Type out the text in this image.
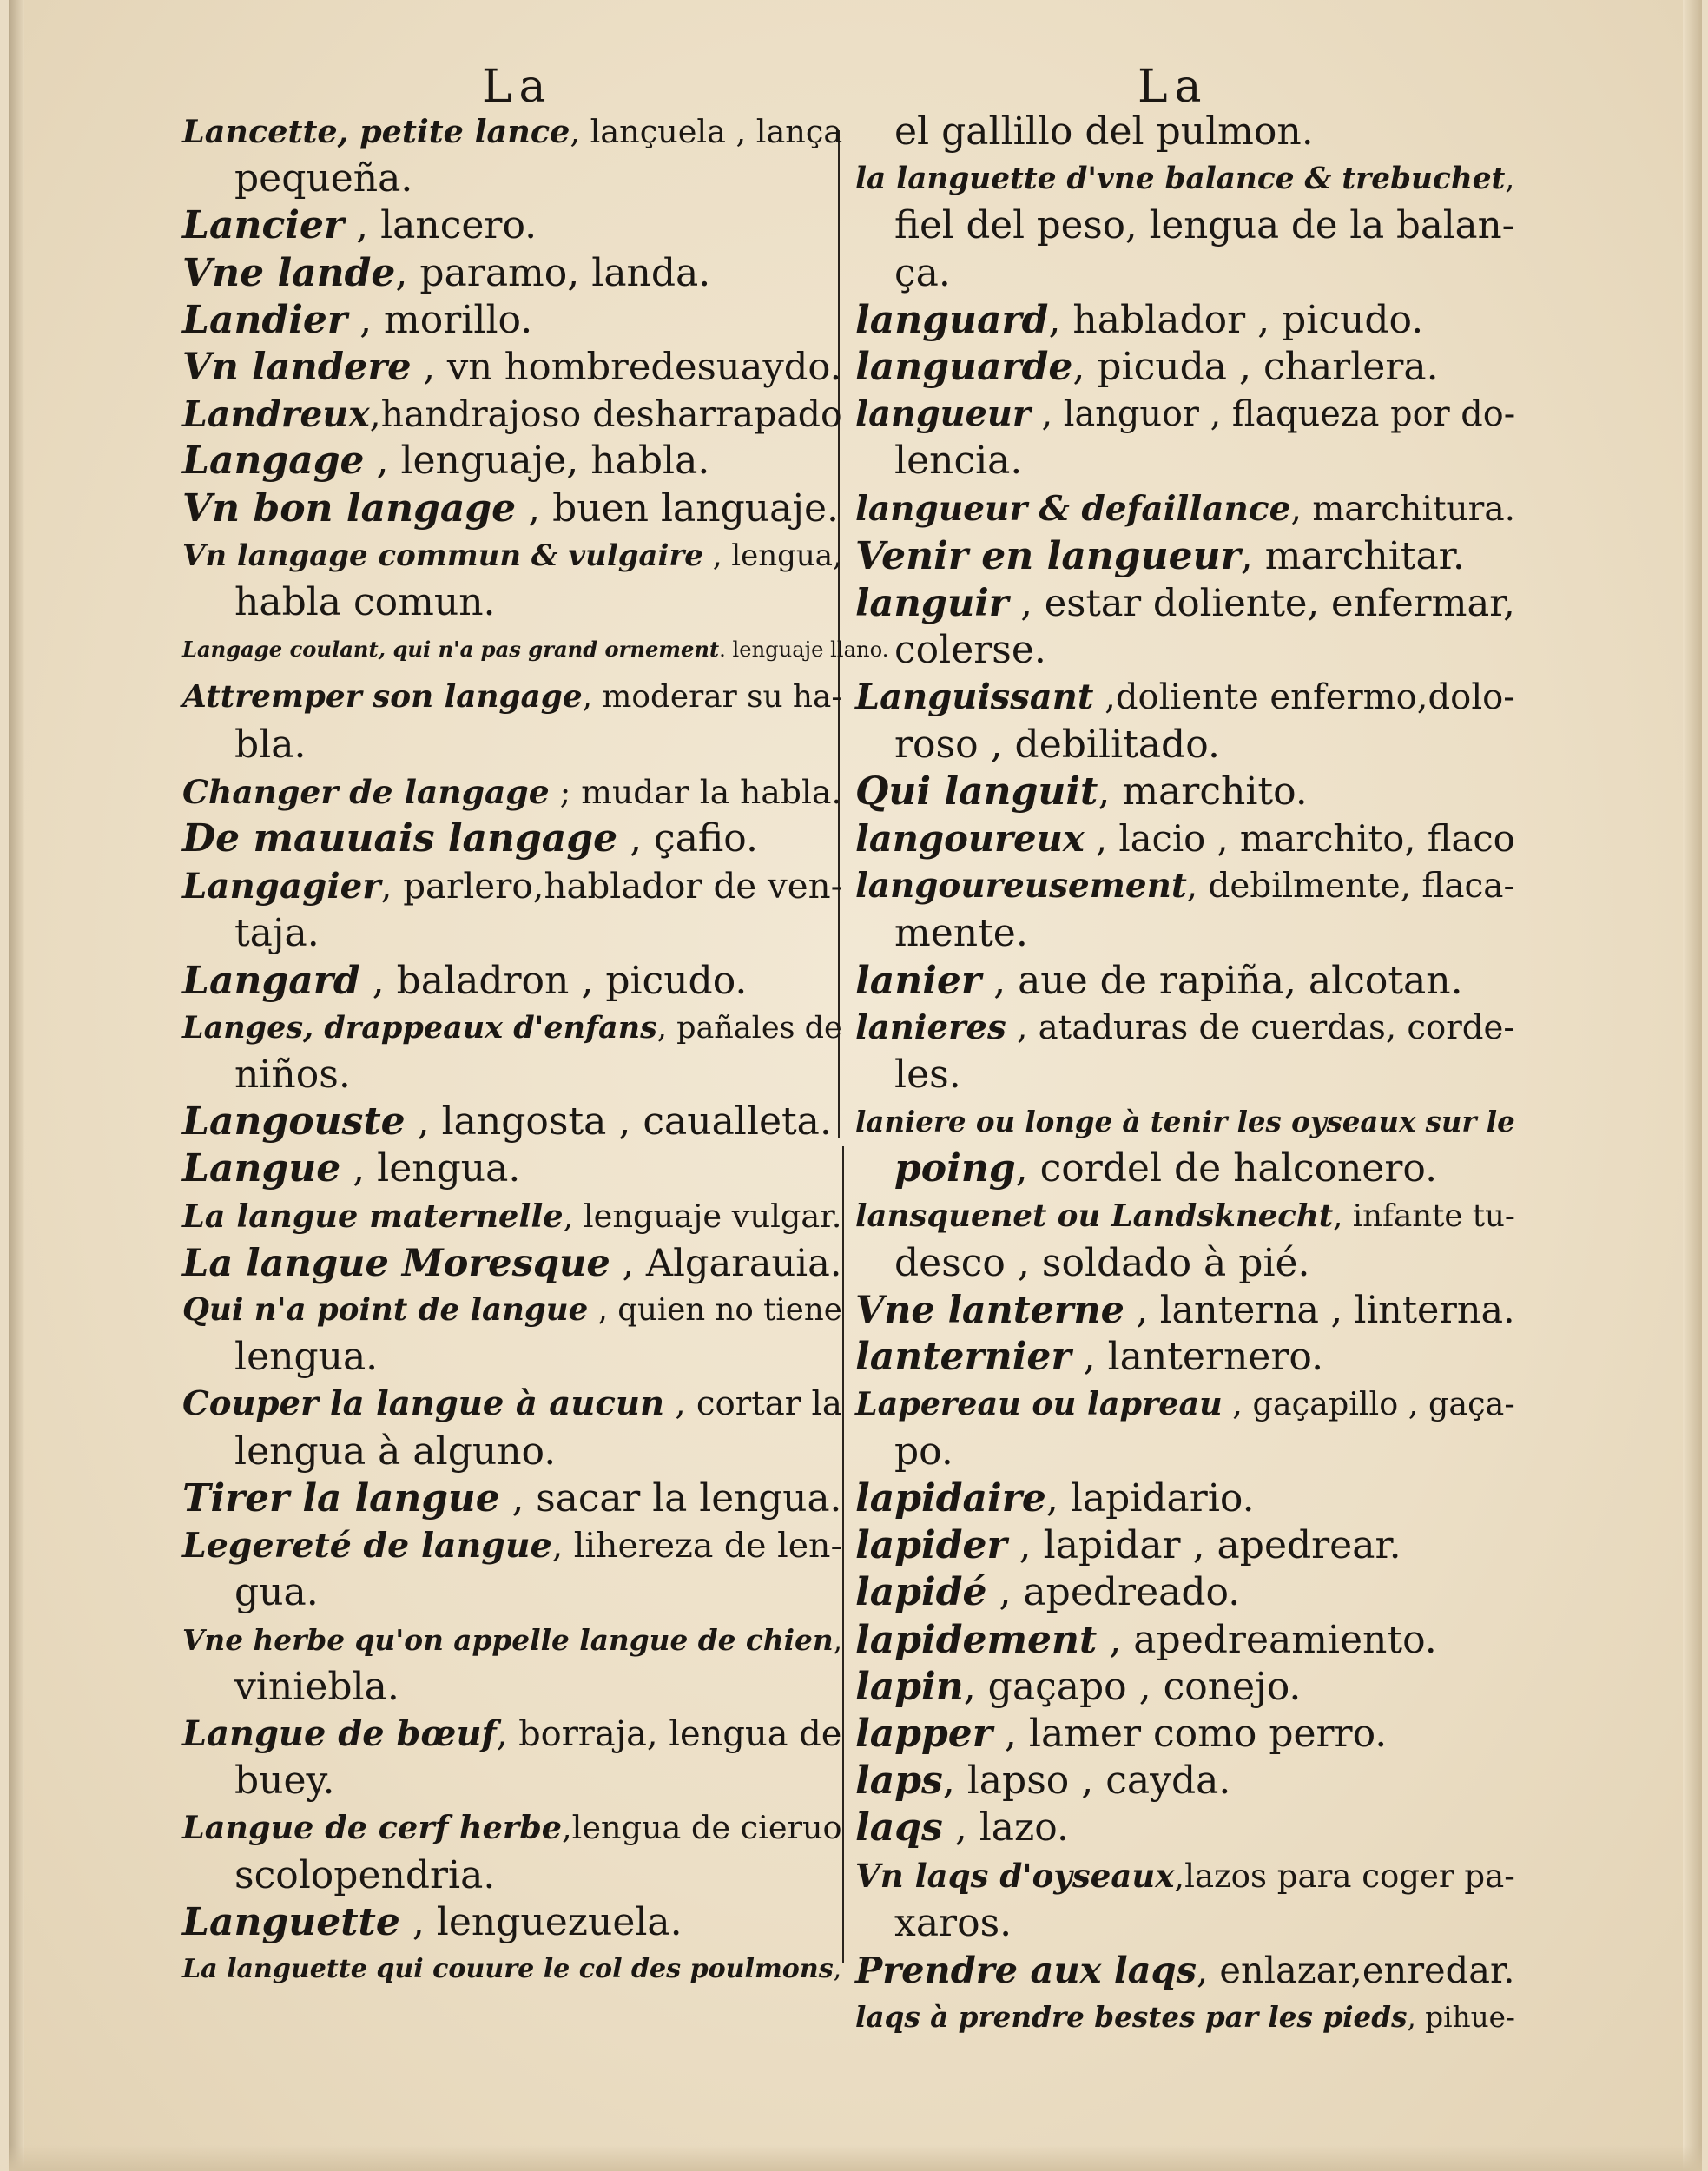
La	La
Lancette, petite lance, lançuela , lança
pequeña.
Lancier , lancero.
Vne lande, paramo, landa.
Landier , morillo.
Vn landere , vn hombredesuaydo.
Landreux,handrajoso desharrapado
Langage , lenguaje, habla.
Vn bon langage , buen languaje.
Vn langage commun & vulgaire , lengua,
habla comun.
Langage coulant, qui n'a pas grand ornement. lenguaje llano.
Attremper son langage, moderar su ha-
bla.
Changer de langage ; mudar la habla.
De mauuais langage , çafio.
Langagier, parlero,hablador de ven-
taja.
Langard , baladron , picudo.
Langes, drappeaux d'enfans, pañales de
niños.
Langouste , langosta , caualleta.
Langue , lengua.
La langue maternelle, lenguaje vulgar.
La langue Moresque , Algarauia.
Qui n'a point de langue , quien no tiene
lengua.
Couper la langue à aucun , cortar la
lengua à alguno.
Tirer la langue , sacar la lengua.
Legereté de langue, lihereza de len-
gua.
Vne herbe qu'on appelle langue de chien,
viniebla.
Langue de bœuf, borraja, lengua de
buey.
Langue de cerf herbe,lengua de cieruo
scolopendria.
Languette , lenguezuela.
La languette qui couure le col des poulmons,
el gallillo del pulmon.
la languette d'vne balance & trebuchet,
fiel del peso, lengua de la balan-
ça.
languard, hablador , picudo.
languarde, picuda , charlera.
langueur , languor , flaqueza por do-
lencia.
langueur & defaillance, marchitura.
Venir en langueur, marchitar.
languir , estar doliente, enfermar,
colerse.
Languissant ,doliente enfermo,dolo-
roso , debilitado.
Qui languit, marchito.
langoureux , lacio , marchito, flaco
langoureusement, debilmente, flaca-
mente.
lanier , aue de rapiña, alcotan.
lanieres , ataduras de cuerdas, corde-
les.
laniere ou longe à tenir les oyseaux sur le
poing, cordel de halconero.
lansquenet ou Landsknecht, infante tu-
desco , soldado à pié.
Vne lanterne , lanterna , linterna.
lanternier , lanternero.
Lapereau ou lapreau , gaçapillo , gaça-
po.
lapidaire, lapidario.
lapider , lapidar , apedrear.
lapidé , apedreado.
lapidement , apedreamiento.
lapin, gaçapo , conejo.
lapper , lamer como perro.
laps, lapso , cayda.
laqs , lazo.
Vn laqs d'oyseaux,lazos para coger pa-
xaros.
Prendre aux laqs, enlazar,enredar.
laqs à prendre bestes par les pieds, pihue-
